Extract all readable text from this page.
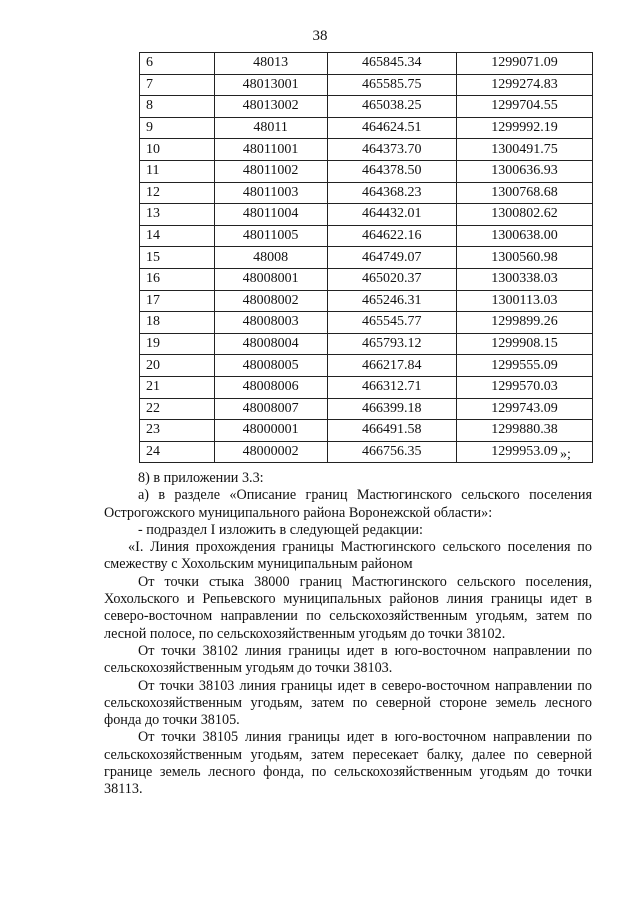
38
6	48013	465845.34	1299071.09
7	48013001	465585.75	1299274.83
8	48013002	465038.25	1299704.55
9	48011	464624.51	1299992.19
10	48011001	464373.70	1300491.75
11	48011002	464378.50	1300636.93
12	48011003	464368.23	1300768.68
13	48011004	464432.01	1300802.62
14	48011005	464622.16	1300638.00
15	48008	464749.07	1300560.98
16	48008001	465020.37	1300338.03
17	48008002	465246.31	1300113.03
18	48008003	465545.77	1299899.26
19	48008004	465793.12	1299908.15
20	48008005	466217.84	1299555.09
21	48008006	466312.71	1299570.03
22	48008007	466399.18	1299743.09
23	48000001	466491.58	1299880.38
24	48000002	466756.35	1299953.09 »;

8) в приложении 3.3:

а) в разделе «Описание границ Мастюгинского сельского поселения Острогожского муниципального района Воронежской области»:

- подраздел I изложить в следующей редакции:

«I. Линия прохождения границы Мастюгинского сельского поселения по смежеству с Хохольским муниципальным районом

От точки стыка 38000 границ Мастюгинского сельского поселения, Хохольского и Репьевского муниципальных районов линия границы идет в северо-восточном направлении по сельскохозяйственным угодьям, затем по лесной полосе, по сельскохозяйственным угодьям до точки 38102.

От точки 38102 линия границы идет в юго-восточном направлении по сельскохозяйственным угодьям до точки 38103.

От точки 38103 линия границы идет в северо-восточном направлении по сельскохозяйственным угодьям, затем по северной стороне земель лесного фонда до точки 38105.

От точки 38105 линия границы идет в юго-восточном направлении по сельскохозяйственным угодьям, затем пересекает балку, далее по северной границе земель лесного фонда, по сельскохозяйственным угодьям до точки 38113.
